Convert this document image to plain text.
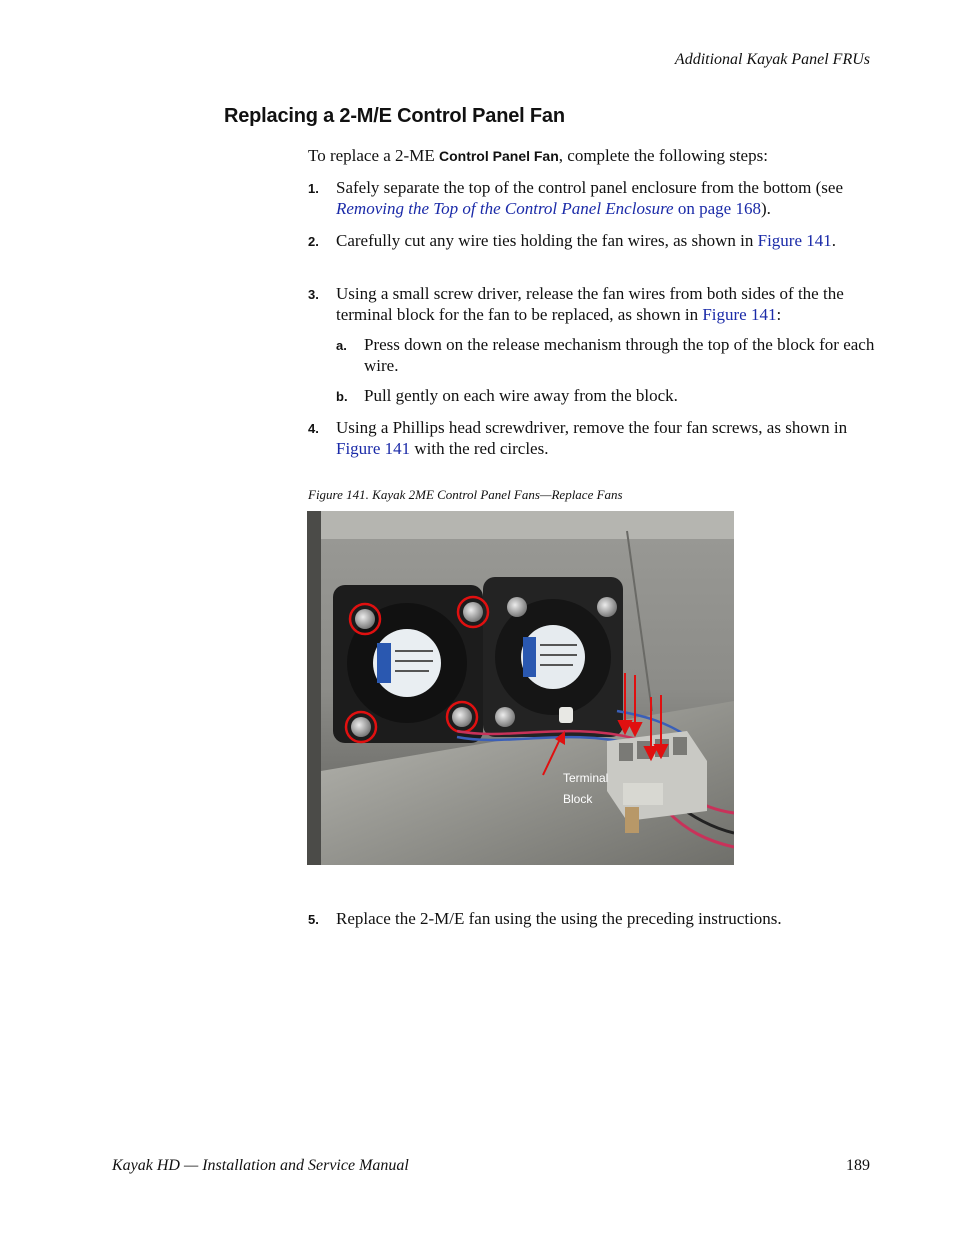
Additional Kayak Panel FRUs
Replacing a 2-M/E Control Panel Fan
To replace a 2-ME Control Panel Fan, complete the following steps:
1. Safely separate the top of the control panel enclosure from the bottom (see Removing the Top of the Control Panel Enclosure on page 168).
2. Carefully cut any wire ties holding the fan wires, as shown in Figure 141.
3. Using a small screw driver, release the fan wires from both sides of the the terminal block for the fan to be replaced, as shown in Figure 141:
a. Press down on the release mechanism through the top of the block for each wire.
b. Pull gently on each wire away from the block.
4. Using a Phillips head screwdriver, remove the four fan screws, as shown in Figure 141 with the red circles.
Figure 141. Kayak 2ME Control Panel Fans—Replace Fans
Terminal
Block
5. Replace the 2-M/E fan using the using the preceding instructions.
Kayak HD — Installation and Service Manual	189
